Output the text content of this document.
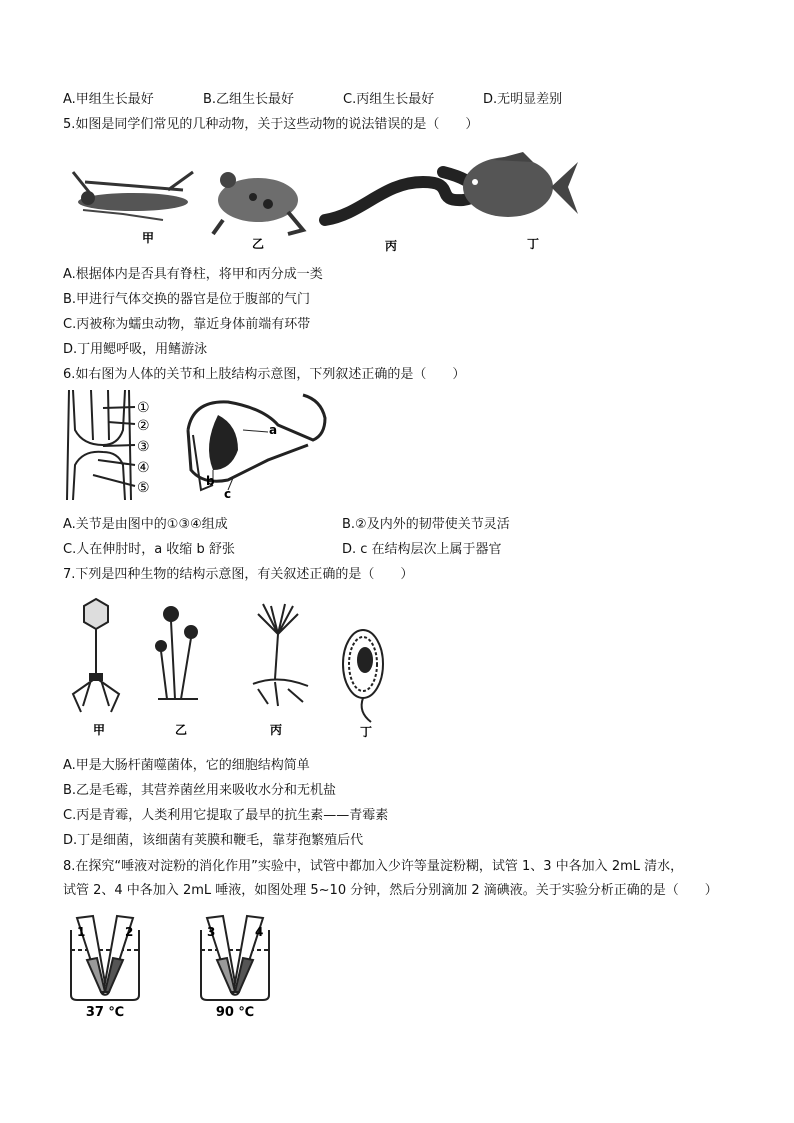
A.甲组生长最好	B.乙组生长最好	C.丙组生长最好	D.无明显差别
5.如图是同学们常见的几种动物，关于这些动物的说法错误的是（　　）
甲	乙	丙	丁
A.根据体内是否具有脊柱，将甲和丙分成一类
B.甲进行气体交换的器官是位于腹部的气门
C.丙被称为蠕虫动物，靠近身体前端有环带
D.丁用鳃呼吸，用鳍游泳
6.如右图为人体的关节和上肢结构示意图，下列叙述正确的是（　　）
①
②
③
④
⑤
a
b
c
A.关节是由图中的①③④组成	B.②及内外的韧带使关节灵活
C.人在伸肘时，a 收缩 b 舒张	D. c 在结构层次上属于器官
7.下列是四种生物的结构示意图，有关叙述正确的是（　　）
甲	乙	丙	丁
A.甲是大肠杆菌噬菌体，它的细胞结构简单
B.乙是毛霉，其营养菌丝用来吸收水分和无机盐
C.丙是青霉，人类利用它提取了最早的抗生素——青霉素
D.丁是细菌，该细菌有荚膜和鞭毛，靠芽孢繁殖后代
8.在探究“唾液对淀粉的消化作用”实验中，试管中都加入少许等量淀粉糊，试管 1、3 中各加入 2mL 清水，
试管 2、4 中各加入 2mL 唾液，如图处理 5~10 分钟，然后分别滴加 2 滴碘液。关于实验分析正确的是（　　）
1	2
37 ℃
3	4
90 ℃
